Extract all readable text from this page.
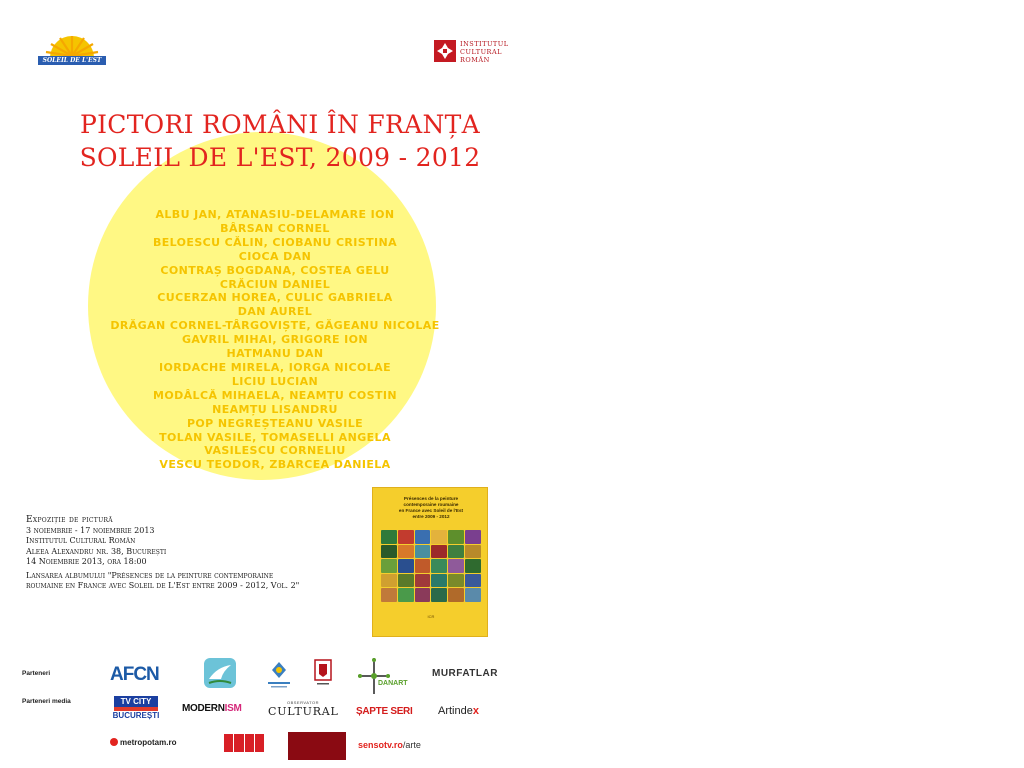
SOLEIL DE L'EST
INSTITUTUL
CULTURAL
ROMÂN
PICTORI ROMÂNI ÎN FRANȚA
SOLEIL DE L'EST, 2009 - 2012
ALBU JAN, ATANASIU-DELAMARE ION
BÂRSAN CORNEL
BELOESCU CĂLIN, CIOBANU CRISTINA
CIOCA DAN
CONTRAȘ BOGDANA, COSTEA GELU
CRĂCIUN DANIEL
CUCERZAN HOREA, CULIC GABRIELA
DAN AUREL
DRĂGAN CORNEL-TÂRGOVIȘTE, GĂGEANU NICOLAE
GAVRIL MIHAI, GRIGORE ION
HATMANU DAN
IORDACHE MIRELA, IORGA NICOLAE
LICIU LUCIAN
MODÂLCĂ MIHAELA, NEAMȚU COSTIN
NEAMȚU LISANDRU
POP NEGREȘTEANU VASILE
TOLAN VASILE, TOMASELLI ANGELA
VASILESCU CORNELIU
VESCU TEODOR, ZBARCEA DANIELA
Expoziție de pictură
3 noiembrie - 17 noiembrie 2013
Institutul Cultural Român
Aleea Alexandru nr. 38, București
14 Noiembrie 2013, ora 18:00
Lansarea albumului "Présences de la peinture contemporaine
roumaine en France avec Soleil de L'Est entre 2009 - 2012, Vol. 2"
Présences de la peinture
contemporaine roumaine
en France avec Soleil de l'Est
entre 2009 - 2012
ICR
Parteneri
Parteneri media
AFCN	DANART
MURFATLAR
TV CITY
BUCUREȘTI
MODERNISM
OBSERVATOR
CULTURAL ȘAPTE SERI Artindex
metropotam.ro	sensotv.ro/arte
